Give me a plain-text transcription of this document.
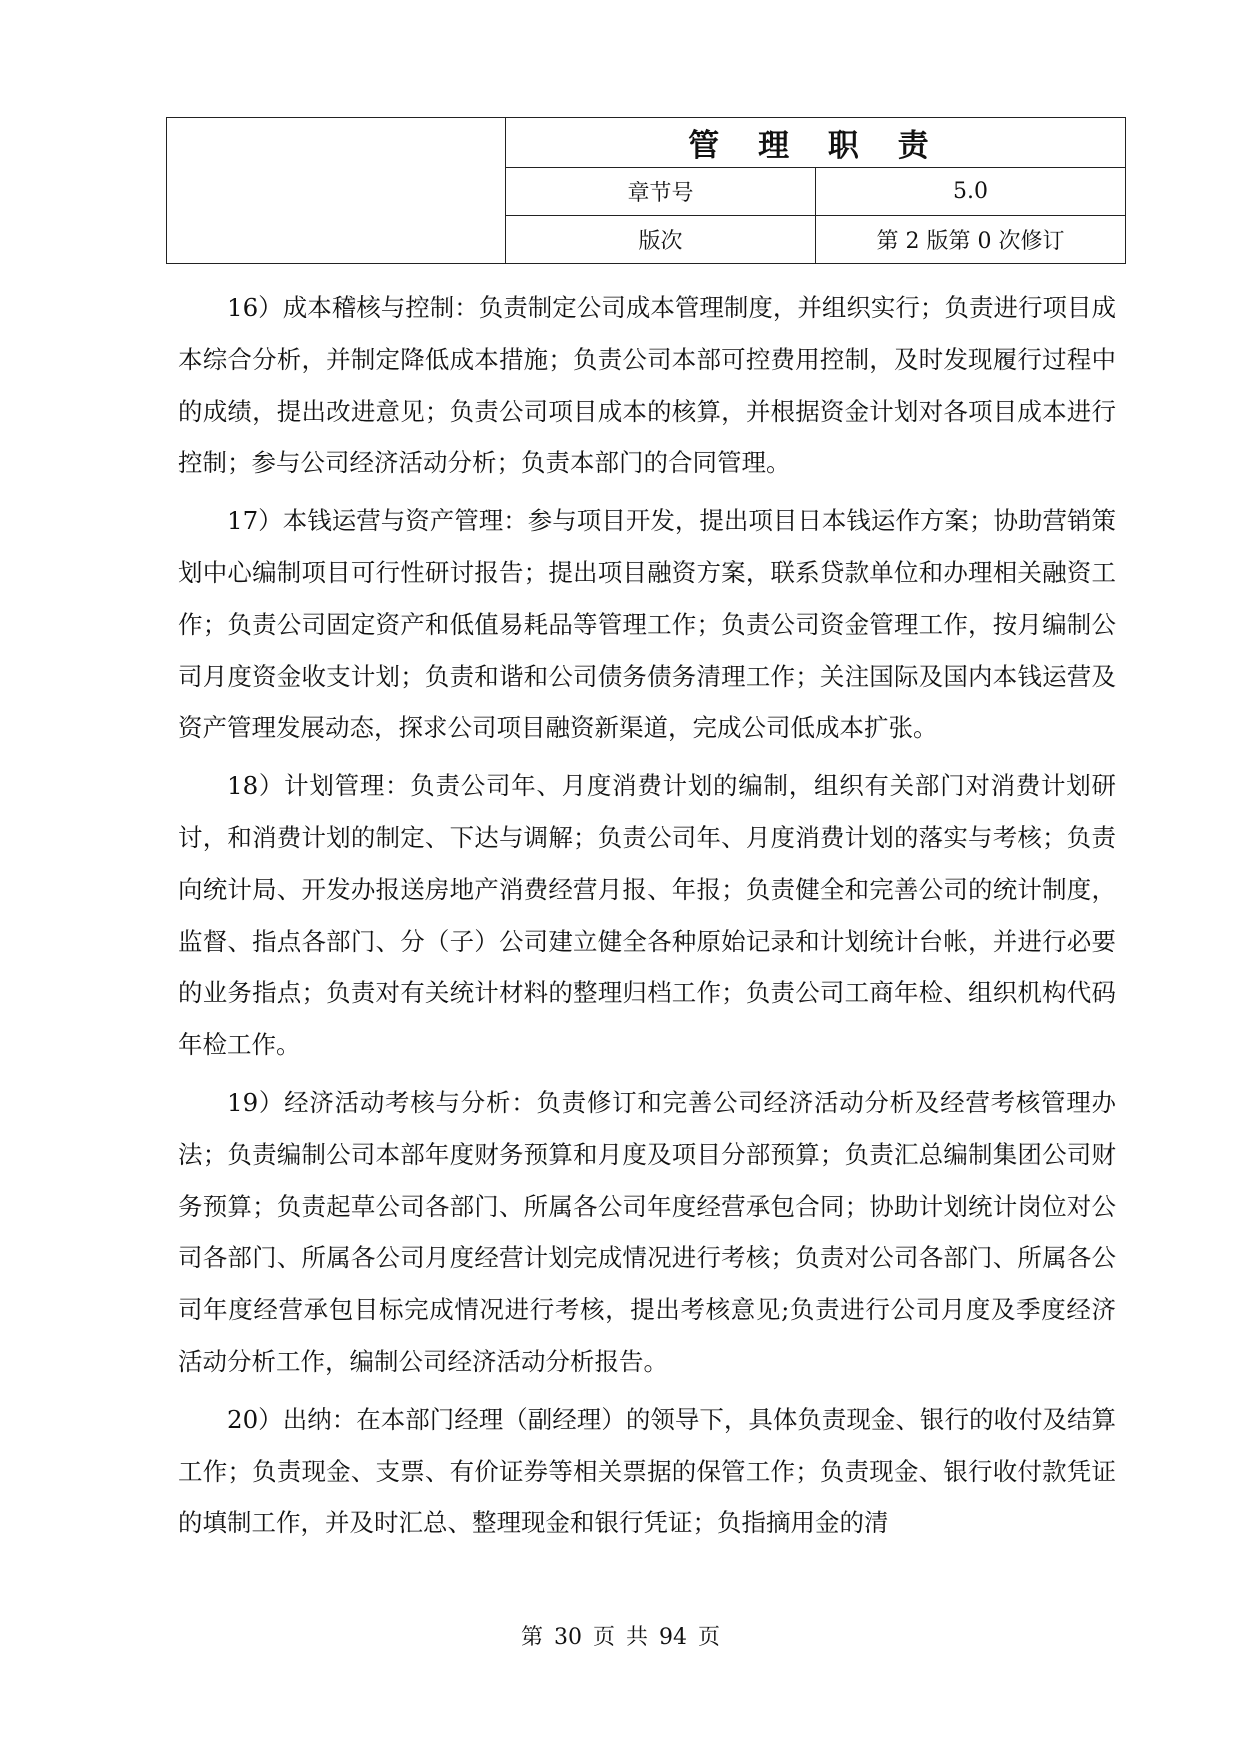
	管 理 职 责	
	章节号	5.0
	版次	第 2 版第 0 次修订

16）成本稽核与控制：负责制定公司成本管理制度，并组织实行；负责进行项目成本综合分析，并制定降低成本措施；负责公司本部可控费用控制，及时发现履行过程中的成绩，提出改进意见；负责公司项目成本的核算，并根据资金计划对各项目成本进行控制；参与公司经济活动分析；负责本部门的合同管理。

17）本钱运营与资产管理：参与项目开发，提出项目日本钱运作方案；协助营销策划中心编制项目可行性研讨报告；提出项目融资方案，联系贷款单位和办理相关融资工作；负责公司固定资产和低值易耗品等管理工作；负责公司资金管理工作，按月编制公司月度资金收支计划；负责和谐和公司债务债务清理工作；关注国际及国内本钱运营及资产管理发展动态，探求公司项目融资新渠道，完成公司低成本扩张。

18）计划管理：负责公司年、月度消费计划的编制，组织有关部门对消费计划研讨，和消费计划的制定、下达与调解；负责公司年、月度消费计划的落实与考核；负责向统计局、开发办报送房地产消费经营月报、年报；负责健全和完善公司的统计制度，监督、指点各部门、分（子）公司建立健全各种原始记录和计划统计台帐，并进行必要的业务指点；负责对有关统计材料的整理归档工作；负责公司工商年检、组织机构代码年检工作。

19）经济活动考核与分析：负责修订和完善公司经济活动分析及经营考核管理办法；负责编制公司本部年度财务预算和月度及项目分部预算；负责汇总编制集团公司财务预算；负责起草公司各部门、所属各公司年度经营承包合同；协助计划统计岗位对公司各部门、所属各公司月度经营计划完成情况进行考核；负责对公司各部门、所属各公司年度经营承包目标完成情况进行考核，提出考核意见;负责进行公司月度及季度经济活动分析工作，编制公司经济活动分析报告。

20）出纳：在本部门经理（副经理）的领导下，具体负责现金、银行的收付及结算工作；负责现金、支票、有价证券等相关票据的保管工作；负责现金、银行收付款凭证的填制工作，并及时汇总、整理现金和银行凭证；负指摘用金的清

第 30 页 共 94 页
